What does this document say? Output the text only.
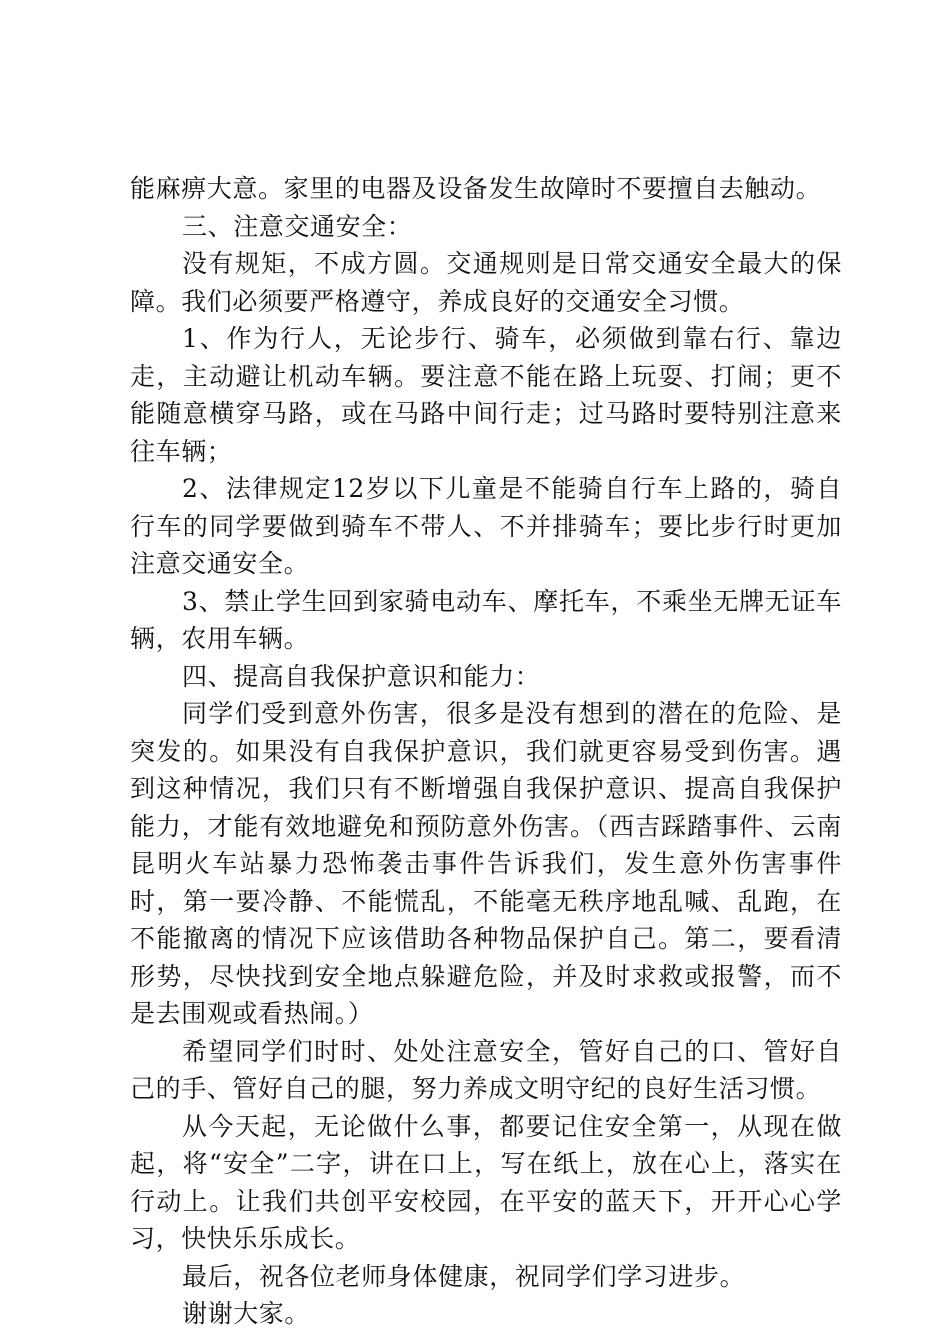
能麻痹大意。家里的电器及设备发生故障时不要擅自去触动。

三、注意交通安全：

没有规矩，不成方圆。交通规则是日常交通安全最大的保障。我们必须要严格遵守，养成良好的交通安全习惯。

1、作为行人，无论步行、骑车，必须做到靠右行、靠边走，主动避让机动车辆。要注意不能在路上玩耍、打闹；更不能随意横穿马路，或在马路中间行走；过马路时要特别注意来往车辆；

2、法律规定12岁以下儿童是不能骑自行车上路的，骑自行车的同学要做到骑车不带人、不并排骑车；要比步行时更加注意交通安全。

3、禁止学生回到家骑电动车、摩托车，不乘坐无牌无证车辆，农用车辆。

四、提高自我保护意识和能力：

同学们受到意外伤害，很多是没有想到的潜在的危险、是突发的。如果没有自我保护意识，我们就更容易受到伤害。遇到这种情况，我们只有不断增强自我保护意识、提高自我保护能力，才能有效地避免和预防意外伤害。（西吉踩踏事件、云南昆明火车站暴力恐怖袭击事件告诉我们，发生意外伤害事件时，第一要冷静、不能慌乱，不能毫无秩序地乱喊、乱跑，在不能撤离的情况下应该借助各种物品保护自己。第二，要看清形势，尽快找到安全地点躲避危险，并及时求救或报警，而不是去围观或看热闹。）

希望同学们时时、处处注意安全，管好自己的口、管好自己的手、管好自己的腿，努力养成文明守纪的良好生活习惯。

从今天起，无论做什么事，都要记住安全第一，从现在做起，将“安全”二字，讲在口上，写在纸上，放在心上，落实在行动上。让我们共创平安校园，在平安的蓝天下，开开心心学习，快快乐乐成长。

最后，祝各位老师身体健康，祝同学们学习进步。

谢谢大家。
